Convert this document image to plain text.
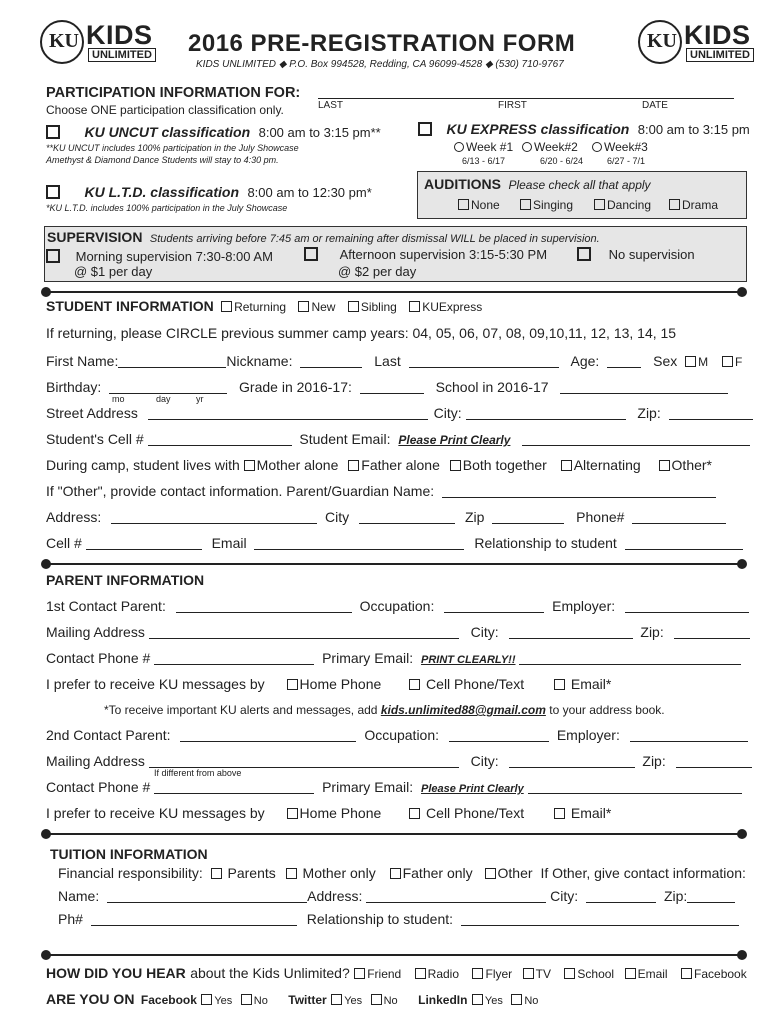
KU
KIDS
UNLIMITED
KU
KIDS
UNLIMITED
2016 PRE-REGISTRATION FORM
KIDS UNLIMITED ◆ P.O. Box 994528, Redding, CA 96099-4528 ◆ (530) 710-9767
PARTICIPATION INFORMATION FOR:
Choose ONE participation classification only.	LAST	FIRST	DATE
KU UNCUT classification 8:00 am to 3:15 pm**
**KU UNCUT includes 100% participation in the July Showcase
Amethyst & Diamond Dance Students will stay to 4:30 pm.
KU EXPRESS classification 8:00 am to 3:15 pm
Week #1	Week#2	Week#3
6/13 - 6/17	6/20 - 6/24	6/27 - 7/1
KU L.T.D. classification 8:00 am to 12:30 pm*
*KU L.T.D. includes 100% participation in the July Showcase
AUDITIONS Please check all that apply
None	Singing	Dancing	Drama
SUPERVISION Students arriving before 7:45 am or remaining after dismissal WILL be placed in supervision.
Morning supervision 7:30-8:00 AM
@ $1 per day
Afternoon supervision 3:15-5:30 PM
@ $2 per day
No supervision
STUDENT INFORMATION Returning New Sibling KUExpress
If returning, please CIRCLE previous summer camp years: 04, 05, 06, 07, 08, 09,10,11, 12, 13, 14, 15
First Name:	Nickname:	Last	Age:	Sex M F
Birthday:	Grade in 2016-17:	School in 2016-17
mo	day	yr
Street Address	City:	Zip:
Student's Cell #	Student Email: Please Print Clearly
During camp, student lives with Mother alone Father alone Both together Alternating Other*
If "Other", provide contact information. Parent/Guardian Name:
Address:	City	Zip	Phone#
Cell #	Email	Relationship to student
PARENT INFORMATION
1st Contact Parent:	Occupation:	Employer:
Mailing Address	City:	Zip:
Contact Phone #	Primary Email: PRINT CLEARLY!!
I prefer to receive KU messages by Home Phone	Cell Phone/Text	Email*
*To receive important KU alerts and messages, add kids.unlimited88@gmail.com to your address book.
2nd Contact Parent:	Occupation:	Employer:
Mailing Address	City:	Zip:
If different from above
Contact Phone #	Primary Email: Please Print Clearly
I prefer to receive KU messages by Home Phone	Cell Phone/Text	Email*
TUITION INFORMATION
Financial responsibility: Parents Mother only Father only Other If Other, give contact information:
Name:	Address:	City:	Zip:
Ph#	Relationship to student:
HOW DID YOU HEAR about the Kids Unlimited? Friend Radio Flyer TV School Email Facebook
ARE YOU ON Facebook Yes No Twitter Yes No LinkedIn Yes No
